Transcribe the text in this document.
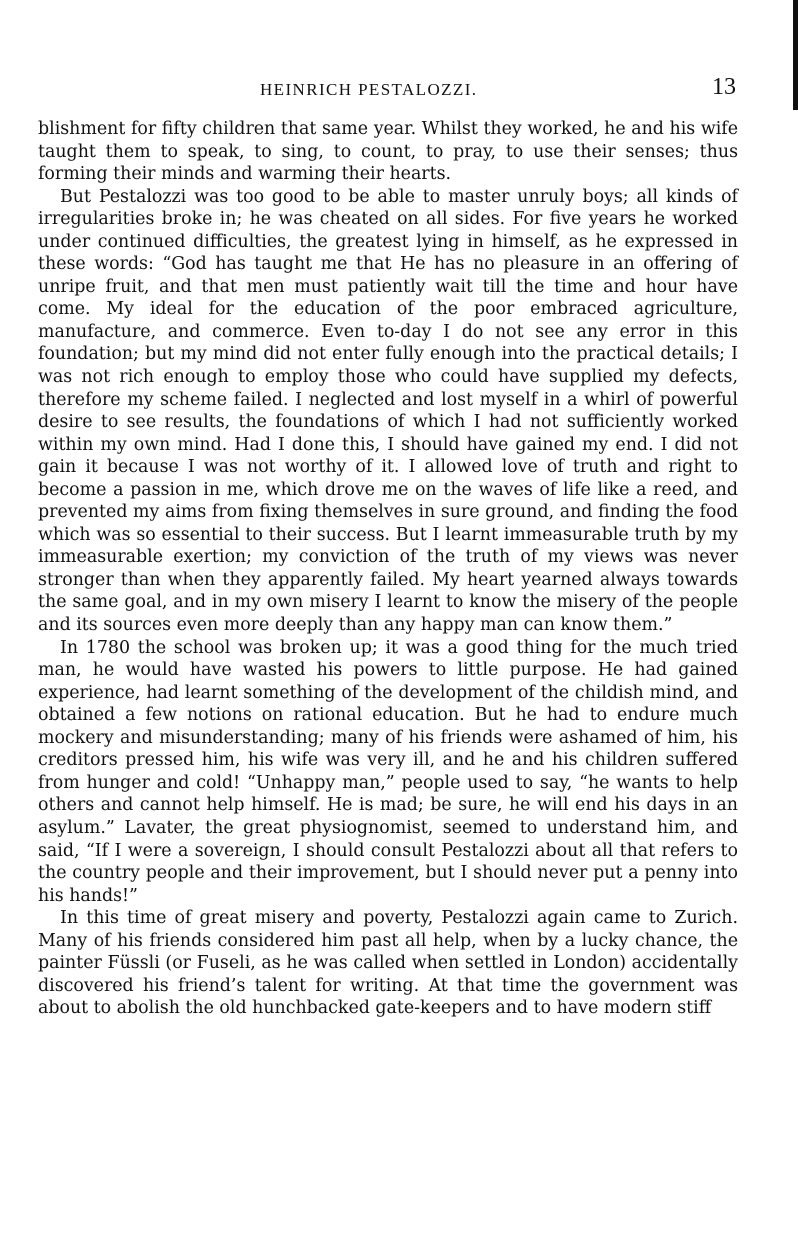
HEINRICH PESTALOZZI.	13

blishment for fifty children that same year. Whilst they worked, he and his wife taught them to speak, to sing, to count, to pray, to use their senses; thus forming their minds and warming their hearts.

But Pestalozzi was too good to be able to master unruly boys; all kinds of irregularities broke in; he was cheated on all sides. For five years he worked under continued difficulties, the greatest lying in himself, as he expressed in these words: “God has taught me that He has no pleasure in an offering of unripe fruit, and that men must patiently wait till the time and hour have come. My ideal for the education of the poor embraced agriculture, manufacture, and commerce. Even to-day I do not see any error in this foundation; but my mind did not enter fully enough into the practical details; I was not rich enough to employ those who could have supplied my defects, therefore my scheme failed. I neglected and lost myself in a whirl of powerful desire to see results, the foundations of which I had not sufficiently worked within my own mind. Had I done this, I should have gained my end. I did not gain it because I was not worthy of it. I allowed love of truth and right to become a passion in me, which drove me on the waves of life like a reed, and prevented my aims from fixing themselves in sure ground, and finding the food which was so essential to their success. But I learnt immeasurable truth by my immeasurable exertion; my conviction of the truth of my views was never stronger than when they apparently failed. My heart yearned always towards the same goal, and in my own misery I learnt to know the misery of the people and its sources even more deeply than any happy man can know them.”

In 1780 the school was broken up; it was a good thing for the much tried man, he would have wasted his powers to little purpose. He had gained experience, had learnt something of the development of the childish mind, and obtained a few notions on rational education. But he had to endure much mockery and misunderstanding; many of his friends were ashamed of him, his creditors pressed him, his wife was very ill, and he and his children suffered from hunger and cold! “Unhappy man,” people used to say, “he wants to help others and cannot help himself. He is mad; be sure, he will end his days in an asylum.” Lavater, the great physiognomist, seemed to understand him, and said, “If I were a sovereign, I should consult Pestalozzi about all that refers to the country people and their improvement, but I should never put a penny into his hands!”

In this time of great misery and poverty, Pestalozzi again came to Zurich. Many of his friends considered him past all help, when by a lucky chance, the painter Füssli (or Fuseli, as he was called when settled in London) accidentally discovered his friend’s talent for writing. At that time the government was about to abolish the old hunchbacked gate-keepers and to have modern stiff
